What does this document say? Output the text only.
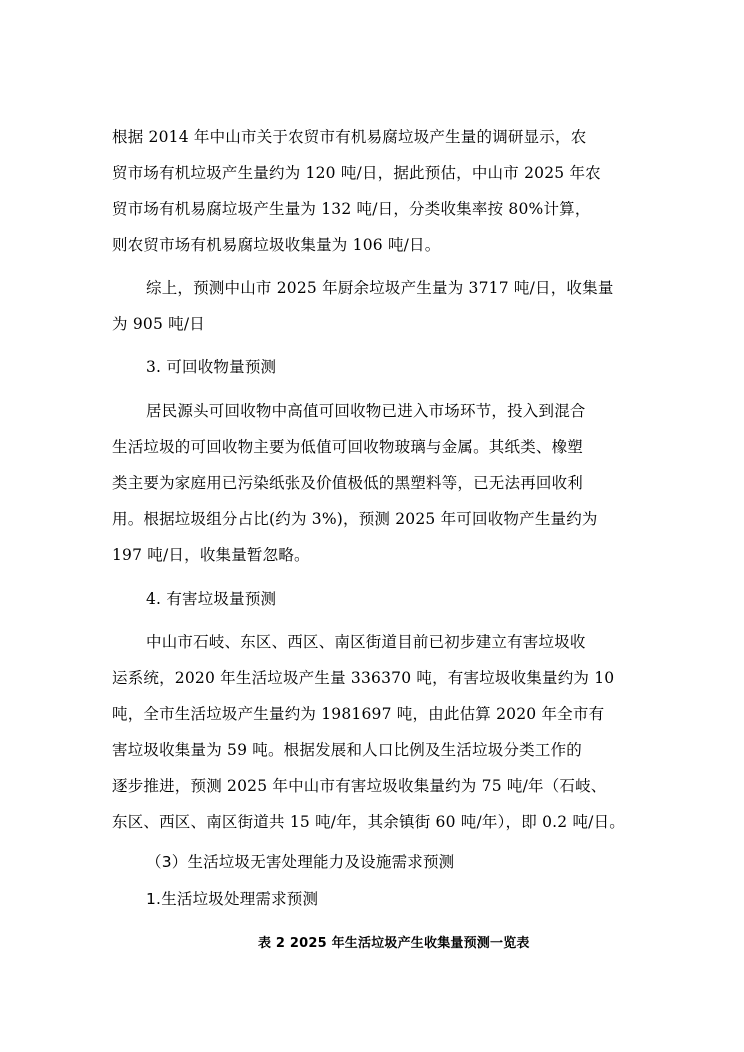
根据 2014 年中山市关于农贸市有机易腐垃圾产生量的调研显示，农
贸市场有机垃圾产生量约为 120 吨/日，据此预估，中山市 2025 年农
贸市场有机易腐垃圾产生量为 132 吨/日，分类收集率按 80%计算，
则农贸市场有机易腐垃圾收集量为 106 吨/日。
综上，预测中山市 2025 年厨余垃圾产生量为 3717 吨/日，收集量
为 905 吨/日
3. 可回收物量预测
居民源头可回收物中高值可回收物已进入市场环节，投入到混合
生活垃圾的可回收物主要为低值可回收物玻璃与金属。其纸类、橡塑
类主要为家庭用已污染纸张及价值极低的黑塑料等，已无法再回收利
用。根据垃圾组分占比(约为 3%)，预测 2025 年可回收物产生量约为
197 吨/日，收集量暂忽略。
4. 有害垃圾量预测
中山市石岐、东区、西区、南区街道目前已初步建立有害垃圾收
运系统，2020 年生活垃圾产生量 336370 吨，有害垃圾收集量约为 10
吨，全市生活垃圾产生量约为 1981697 吨，由此估算 2020 年全市有
害垃圾收集量为 59 吨。根据发展和人口比例及生活垃圾分类工作的
逐步推进，预测 2025 年中山市有害垃圾收集量约为 75 吨/年（石岐、
东区、西区、南区街道共 15 吨/年，其余镇街 60 吨/年），即 0.2 吨/日。
（3）生活垃圾无害处理能力及设施需求预测
1.生活垃圾处理需求预测
表 2 2025 年生活垃圾产生收集量预测一览表
